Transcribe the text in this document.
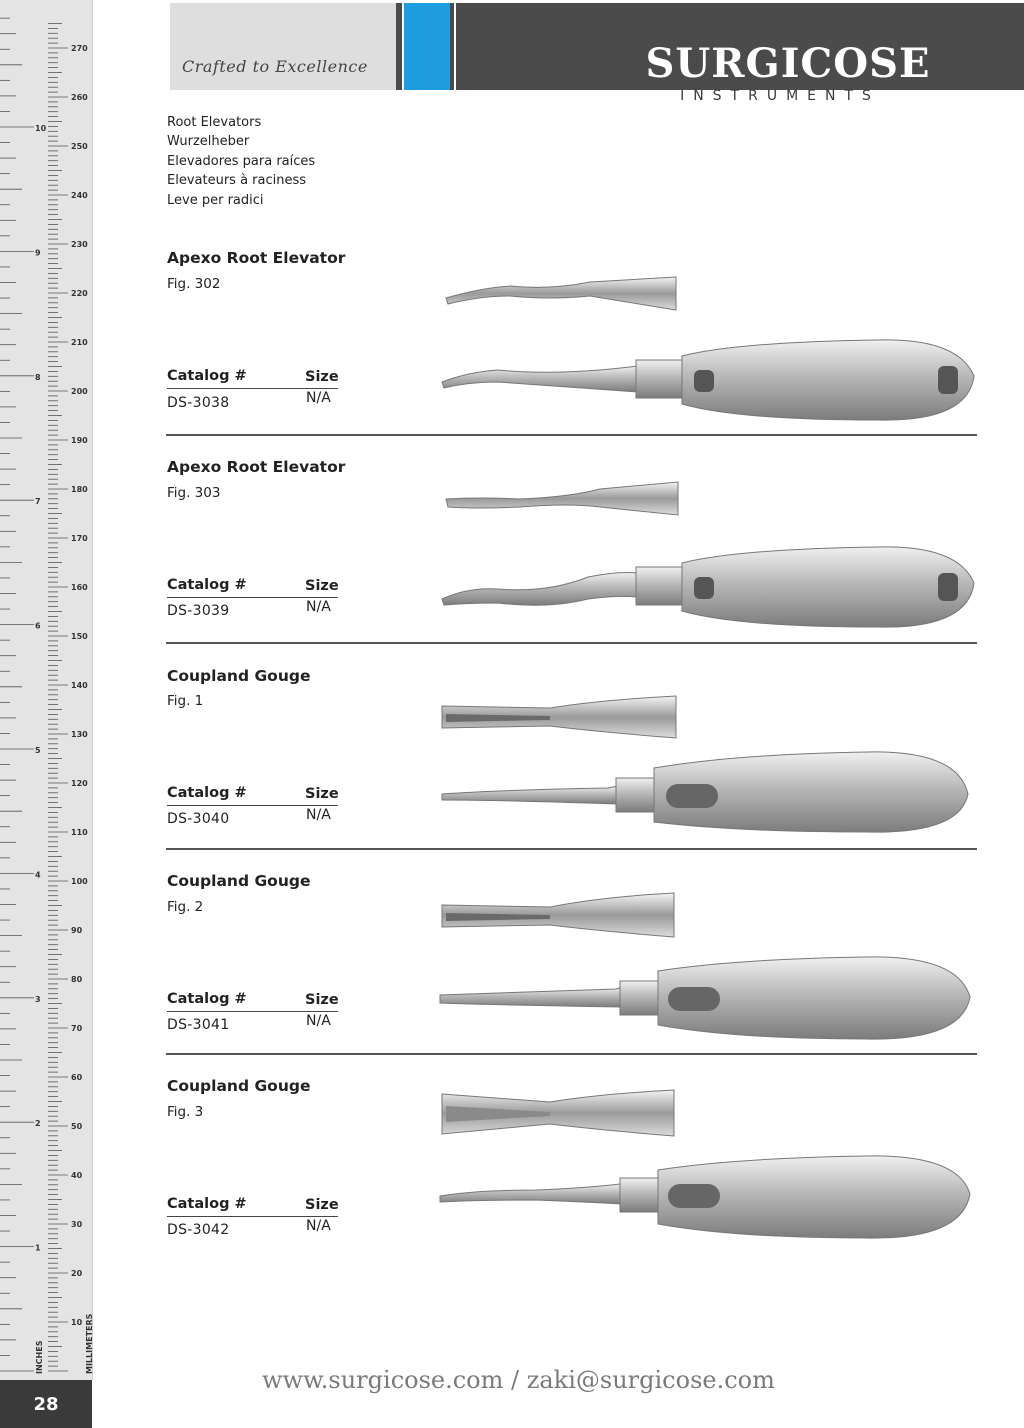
10
20
30
40
50
60
70
80
90
100
110
120
130
140
150
160
170
180
190
200
210
220
230
240
250
260
270
1
2
3
4
5
6
7
8
9
10
INCHES	MILLIMETERS
28
Crafted to Excellence	SURGICOSE
INSTRUMENTS
Root Elevators
Wurzelheber
Elevadores para raíces
Elevateurs à raciness
Leve per radici
Apexo Root Elevator
Fig. 302
Catalog #	Size
DS-3038	N/A
Apexo Root Elevator
Fig. 303
Catalog #	Size
DS-3039	N/A
Coupland Gouge
Fig. 1
Catalog #	Size
DS-3040	N/A
Coupland Gouge
Fig. 2
Catalog #	Size
DS-3041	N/A
Coupland Gouge
Fig. 3
Catalog #	Size
DS-3042	N/A
www.surgicose.com / zaki@surgicose.com
